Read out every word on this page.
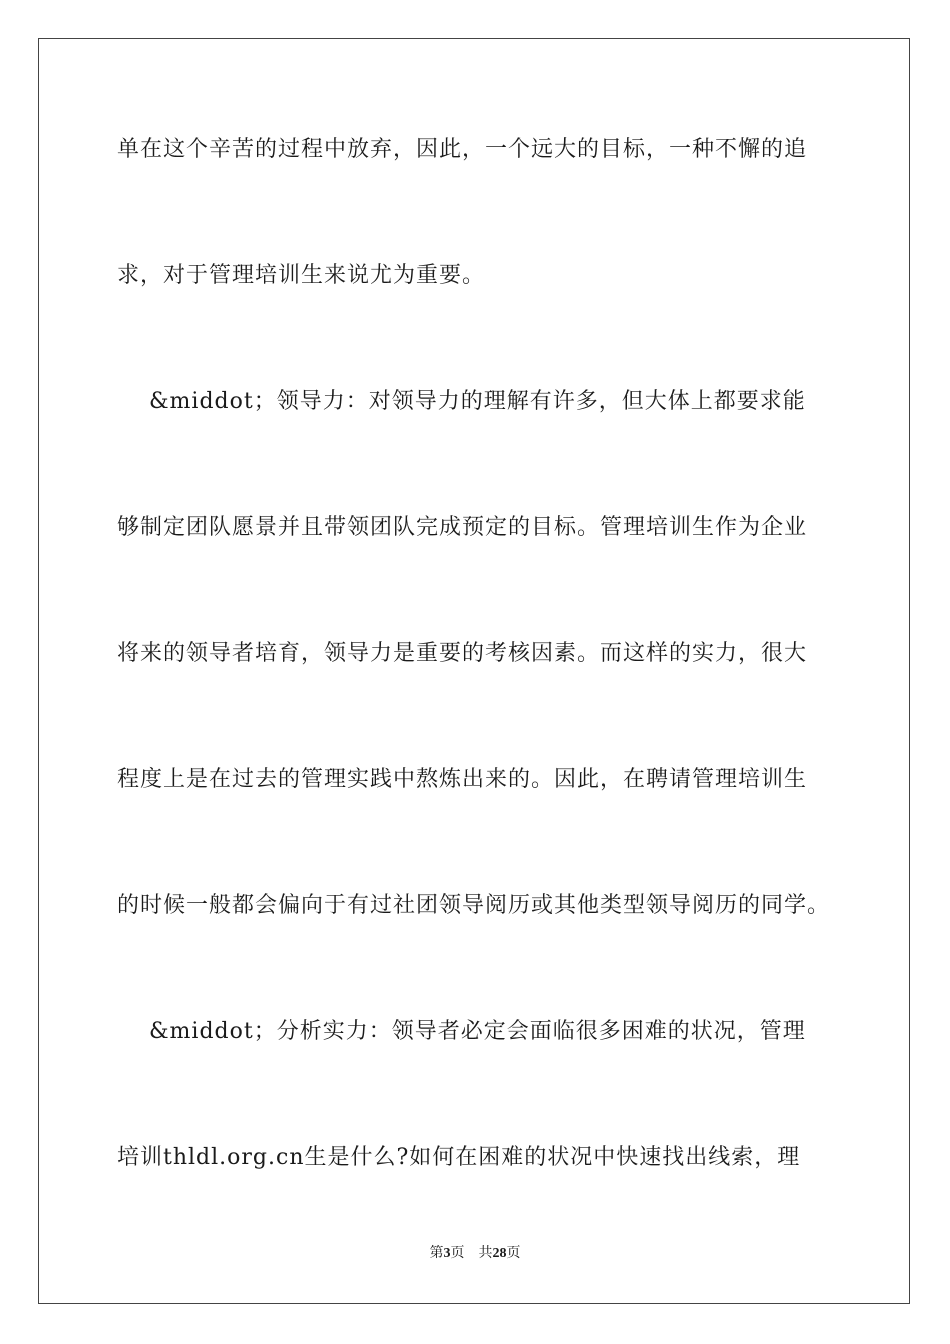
单在这个辛苦的过程中放弃，因此，一个远大的目标，一种不懈的追
求，对于管理培训生来说尤为重要。
&middot；领导力：对领导力的理解有许多，但大体上都要求能
够制定团队愿景并且带领团队完成预定的目标。管理培训生作为企业
将来的领导者培育，领导力是重要的考核因素。而这样的实力，很大
程度上是在过去的管理实践中熬炼出来的。因此，在聘请管理培训生
的时候一般都会偏向于有过社团领导阅历或其他类型领导阅历的同学。
&middot；分析实力：领导者必定会面临很多困难的状况，管理
培训thldl.org.cn生是什么?如何在困难的状况中快速找出线索，理
第3页 共28页
